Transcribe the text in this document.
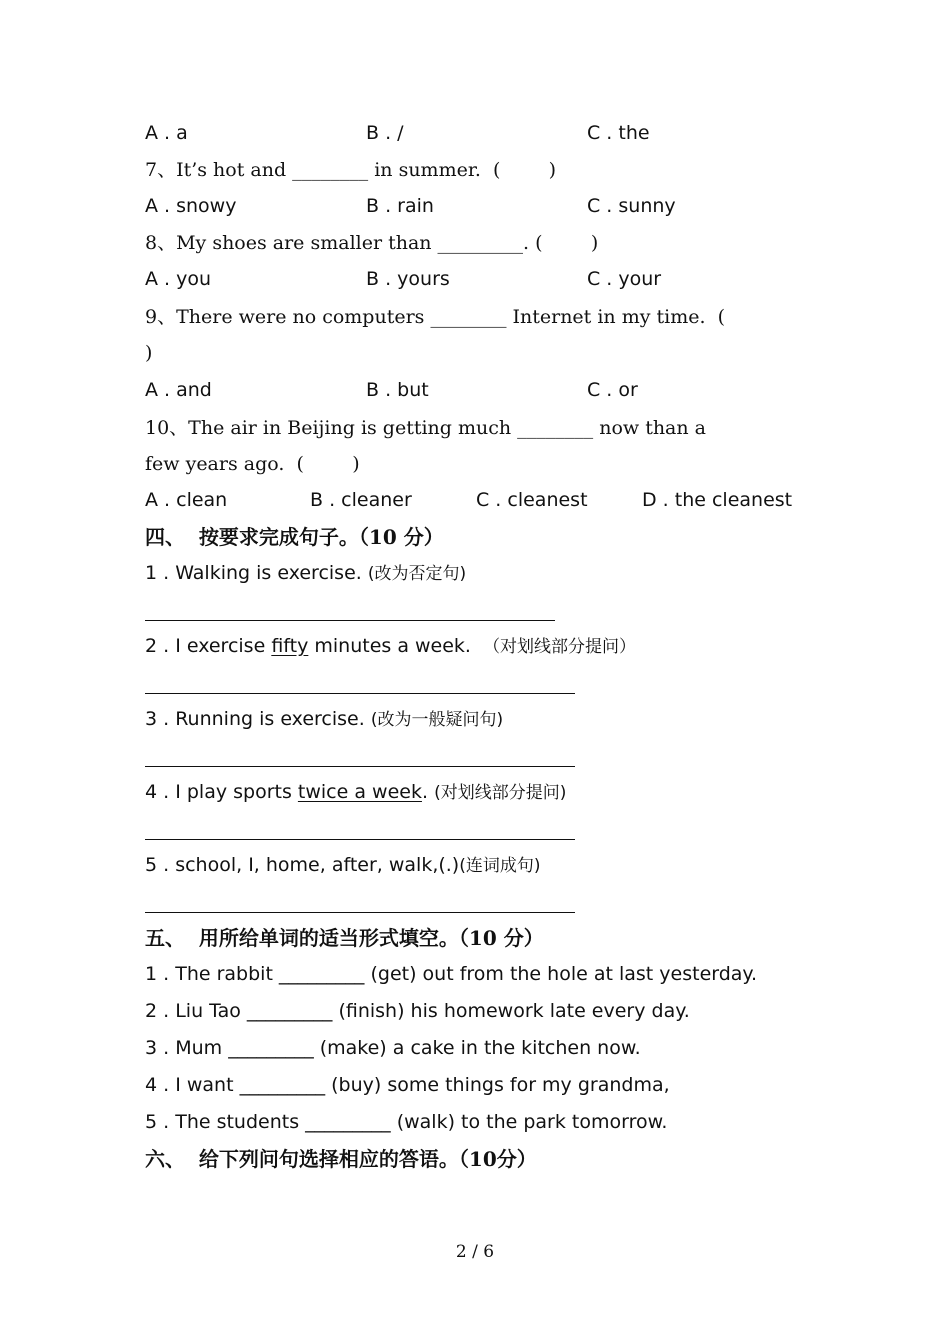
A . a	B . /	C . the
7、It’s hot and ________ in summer.  (        )
A . snowy	B . rain	C . sunny
8、My shoes are smaller than _________. (        )
A . you	B . yours	C . your
9、There were no computers ________ Internet in my time.  (
)
A . and	B . but	C . or
10、The air in Beijing is getting much ________ now than a
few years ago.  (        )
A . clean	B . cleaner	C . cleanest	D . the cleanest
四、  按要求完成句子。（10 分）
1 . Walking is exercise. (改为否定句)
2 . I exercise fifty minutes a week.  （对划线部分提问）
3 . Running is exercise. (改为一般疑问句)
4 . I play sports twice a week. (对划线部分提问)
5 . school, I, home, after, walk,(.)(连词成句)
五、  用所给单词的适当形式填空。（10 分）
1 . The rabbit _________ (get) out from the hole at last yesterday.
2 . Liu Tao _________ (finish) his homework late every day.
3 . Mum _________ (make) a cake in the kitchen now.
4 . I want _________ (buy) some things for my grandma,
5 . The students _________ (walk) to the park tomorrow.
六、  给下列问句选择相应的答语。（10分）
2 / 6
